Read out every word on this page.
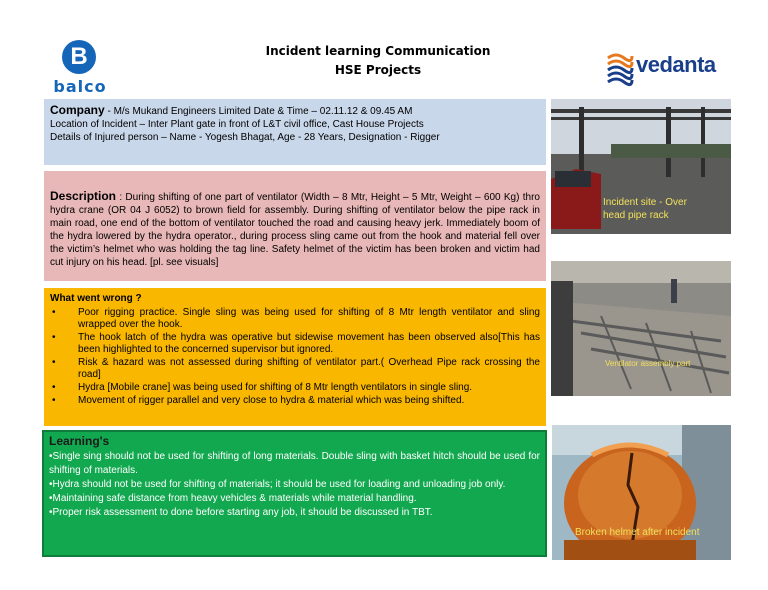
B
balco
Incident learning Communication
HSE Projects	vedanta
Company - M/s Mukand Engineers Limited Date & Time – 02.11.12 & 09.45 AM
Location of Incident – Inter Plant gate in front of L&T civil office, Cast House Projects
Details of Injured person – Name - Yogesh Bhagat, Age - 28 Years, Designation - Rigger
Description : During shifting of one part of ventilator (Width – 8 Mtr, Height – 5 Mtr, Weight – 600 Kg) thro hydra crane (OR 04 J 6052) to brown field for assembly. During shifting of ventilator below the pipe rack in main road, one end of the bottom of ventilator touched the road and causing heavy jerk. Immediately boom of the hydra lowered by the hydra operator., during process sling came out from the hook and material fell over the victim’s helmet who was holding the tag line. Safety helmet of the victim has been broken and victim had cut injury on his head. [pl. see visuals]
What went wrong ?
• Poor rigging practice. Single sling was being used for shifting of 8 Mtr length ventilator and sling wrapped over the hook.
• The hook latch of the hydra was operative but sidewise movement has been observed also[This has been highlighted to the concerned supervisor but ignored.
• Risk & hazard was not assessed during shifting of ventilator part.( Overhead Pipe rack crossing the road]
• Hydra [Mobile crane] was being used for shifting of 8 Mtr length ventilators in single sling.
• Movement of rigger parallel and very close to hydra & material which was being shifted.
Learning's

•Single sing should not be used for shifting of long materials. Double sling with basket hitch should be used for shifting of materials.

•Hydra should not be used for shifting of materials; it should be used for loading and unloading job only.

•Maintaining safe distance from heavy vehicles & materials while material handling.

•Proper risk assessment to done before starting any job, it should be discussed in TBT.

Incident site - Over
head pipe rack
Ventilator assembly part
Broken helmet after incident
